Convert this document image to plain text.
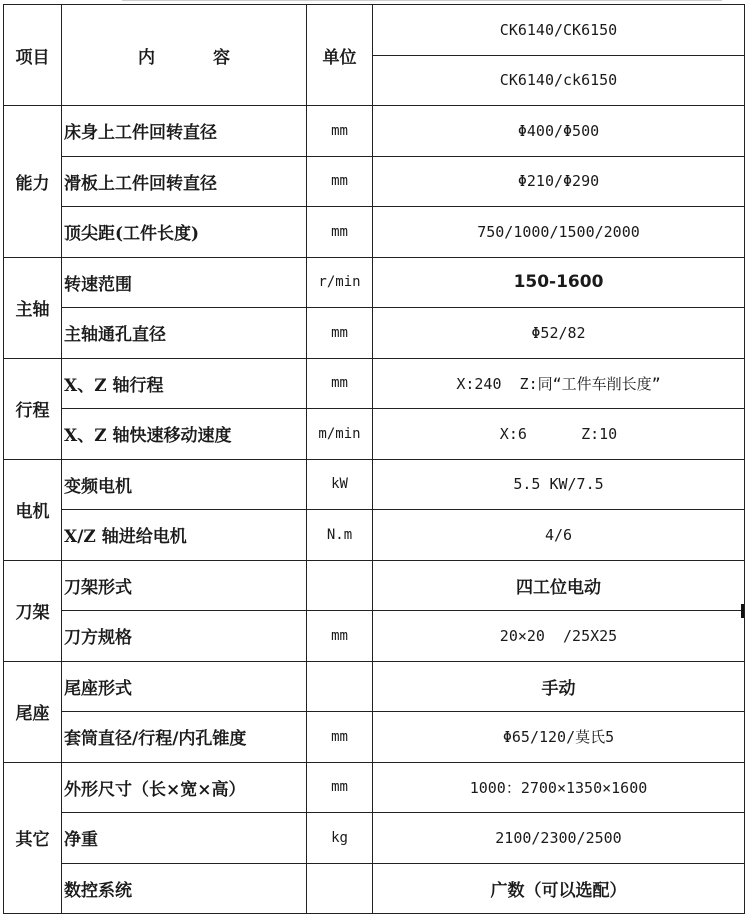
项目	内 容	单位	CK6140/CK6150
			CK6140/ck6150
能力	床身上工件回转直径	mm	Φ400/Φ500
	滑板上工件回转直径	mm	Φ210/Φ290
	顶尖距(工件长度)	mm	750/1000/1500/2000
主轴	转速范围	r/min	150-1600
	主轴通孔直径	mm	Φ52/82
行程	X、Z 轴行程	mm	X:240  Z:同“工件车削长度”
	X、Z 轴快速移动速度	m/min	X:6      Z:10
电机	变频电机	kW	5.5 KW/7.5
	X/Z 轴进给电机	N.m	4/6
刀架	刀架形式		四工位电动
	刀方规格	mm	20×20  /25X25
尾座	尾座形式		手动
	套筒直径/行程/内孔锥度	mm	Φ65/120/莫氏5
其它	外形尺寸（长×宽×高）	mm	1000：2700×1350×1600
	净重	kg	2100/2300/2500
	数控系统		广数（可以选配）
